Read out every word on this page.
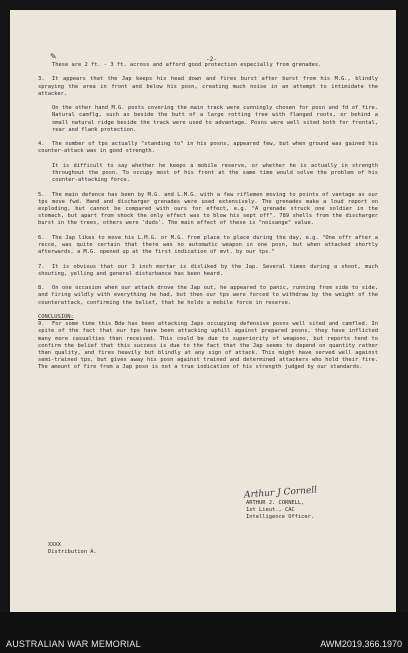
✎	-2-

These are 2 ft. - 3 ft. across and afford good protection especially from grenades.

3. It appears that the Jap keeps his head down and fires burst after burst from his M.G., blindly spraying the area in front and below his posn, creating much noise in an attempt to intimidate the attacker.

On the other hand M.G. posts covering the main track were cunningly chosen for posn and fd of fire. Natural camflg, such as beside the butt of a large rotting tree with flanged roots, or behind a small natural ridge beside the track were used to advantage. Posns were well sited both for frontal, rear and flank protection.

4. The number of tps actually "standing to" in his posns, appeared few, but when ground was gained his counter-attack was in good strength.

It is difficult to say whether he keeps a mobile reserve, or whether he is actually in strength throughout the posn. To occupy most of his front at the same time would solve the problem of his counter-attacking force.

5. The main defence has been by M.G. and L.M.G. with a few riflemen moving to points of vantage as our tps move fwd. Hand and discharger grenades were used extensively. The grenades make a loud report on exploding, but cannot be compared with ours for effect, e.g. "A grenade struck one soldier in the stomach, but apart from shock the only effect was to blow his sept off". 789 shells from the discharger burst in the trees, others were 'duds'. The main effect of these is "noisange" value.

6. The Jap likes to move his L.M.G. or M.G. from place to place during the day, e.g. "One offr after a recce, was quite certain that there was no automatic weapon in one posn, but when attacked shortly afterwards, a M.G. opened up at the first indication of mvt. by our tps."

7. It is obvious that our 3 inch mortar is disliked by the Jap. Several times during a shoot, much shouting, yelling and general disturbance has been heard.

8. On one occasion when our attack drove the Jap out, he appeared to panic, running from side to side, and firing wildly with everything he had, but then our tps were forced to withdraw by the weight of the counterattack, confirming the belief, that he holds a mobile force in reserve.

CONCLUSION:

9. For some time this Bde has been attacking Japs occupying defensive posns well sited and camfled. In spite of the fact that our tps have been attacking uphill against prepared posns, they have inflicted many more casualties than received. This could be due to superiority of weapons, but reports tend to confirm the belief that this success is due to the fact that the Jap seems to depend on quantity rather than quality, and fires heavily but blindly at any sign of attack. This might have served well against semi-trained tps, but gives away his posn against trained and determined attackers who hold their fire. The amount of fire from a Jap posn is not a true indication of his strength judged by our standards.

Arthur J Cornell
ARTHUR J. CORNELL,
1st Lieut., CAC
Intelligence Officer.
XXXX
Distribution A.
AUSTRALIAN WAR MEMORIAL	AWM2019.366.1970
